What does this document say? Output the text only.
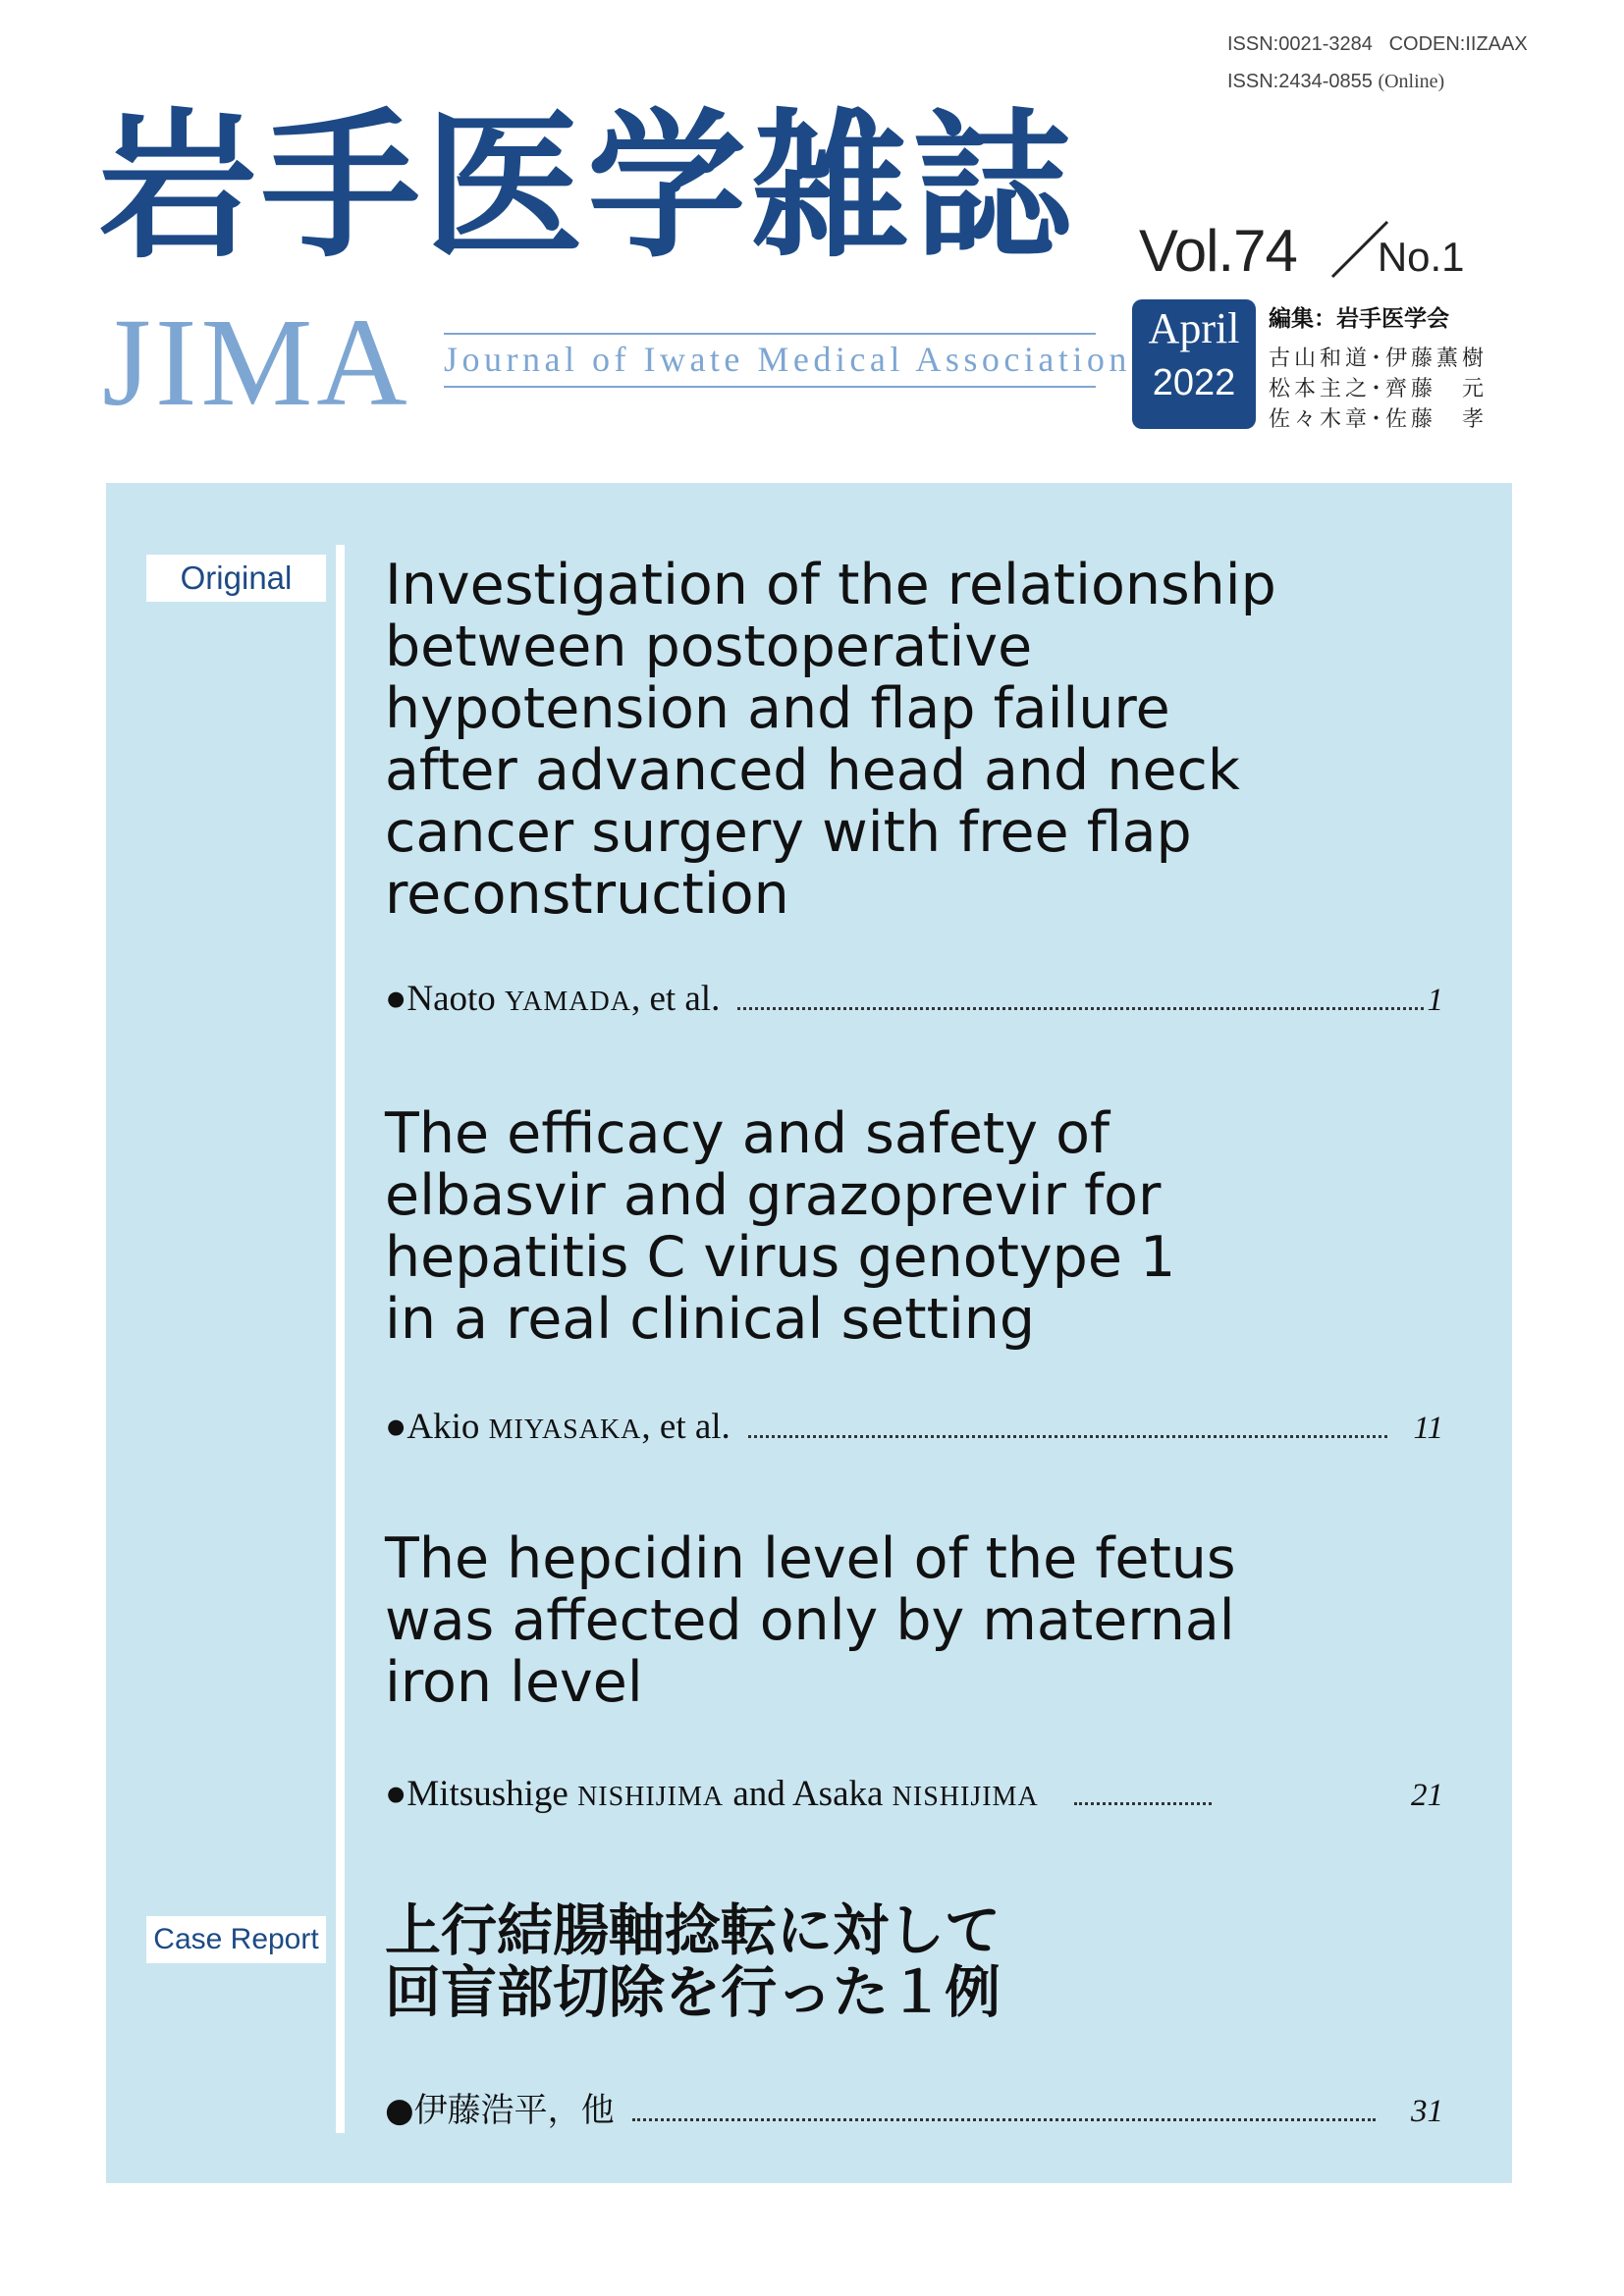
ISSN:0021-3284 CODEN:IIZAAX
ISSN:2434-0855 (Online)
岩手医学雑誌
JIMA Journal of Iwate Medical Association
Vol.74 No.1
April
2022
編集：岩手医学会
古山和道･伊藤薫樹
松本主之･齊藤　元
佐々木章･佐藤　孝
Original
Case Report
Investigation of the relationship
between postoperative
hypotension and flap failure
after advanced head and neck
cancer surgery with free flap
reconstruction
●Naoto YAMADA, et al.	1
The efficacy and safety of
elbasvir and grazoprevir for
hepatitis C virus genotype 1
in a real clinical setting
●Akio MIYASAKA, et al.	11
The hepcidin level of the fetus
was affected only by maternal
iron level
●Mitsushige NISHIJIMA and Asaka NISHIJIMA	21
上行結腸軸捻転に対して
回盲部切除を行った１例
●伊藤浩平，他	31
